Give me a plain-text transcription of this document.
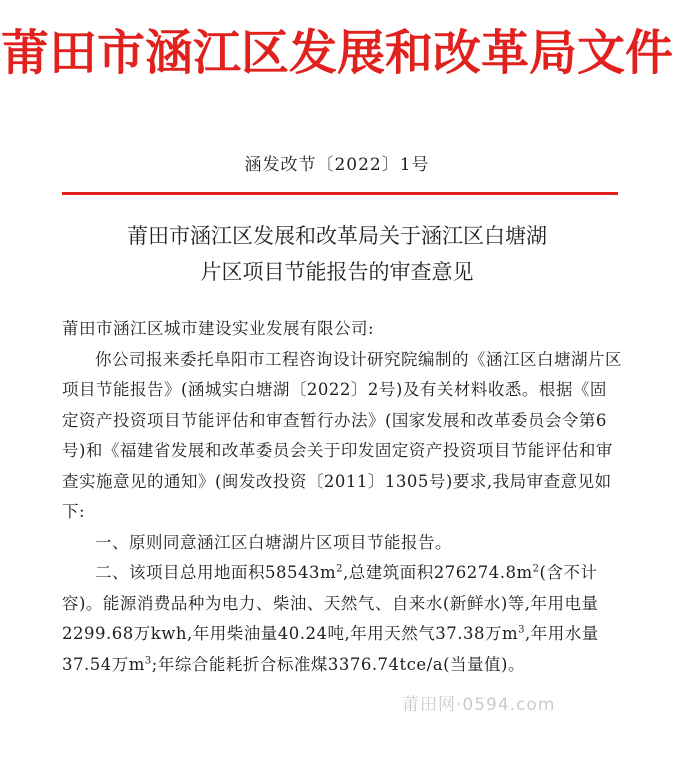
莆田市涵江区发展和改革局文件
涵发改节〔2022〕1号
莆田市涵江区发展和改革局关于涵江区白塘湖
片区项目节能报告的审查意见

莆田市涵江区城市建设实业发展有限公司:

你公司报来委托阜阳市工程咨询设计研究院编制的《涵江区白塘湖片区项目节能报告》(涵城实白塘湖〔2022〕2号)及有关材料收悉。根据《固定资产投资项目节能评估和审查暂行办法》(国家发展和改革委员会令第6号)和《福建省发展和改革委员会关于印发固定资产投资项目节能评估和审查实施意见的通知》(闽发改投资〔2011〕1305号)要求,我局审查意见如下:

一、原则同意涵江区白塘湖片区项目节能报告。

二、该项目总用地面积$58543m^2$,总建筑面积$276274.8m^2$(含不计容)。能源消费品种为电力、柴油、天然气、自来水(新鲜水)等,年用电量2299.68万kwh,年用柴油量40.24吨,年用天然气37.38万$m^3$,年用水量37.54万$m^3$;年综合能耗折合标准煤3376.74tce/a(当量值)。

莆田网·0594.com
